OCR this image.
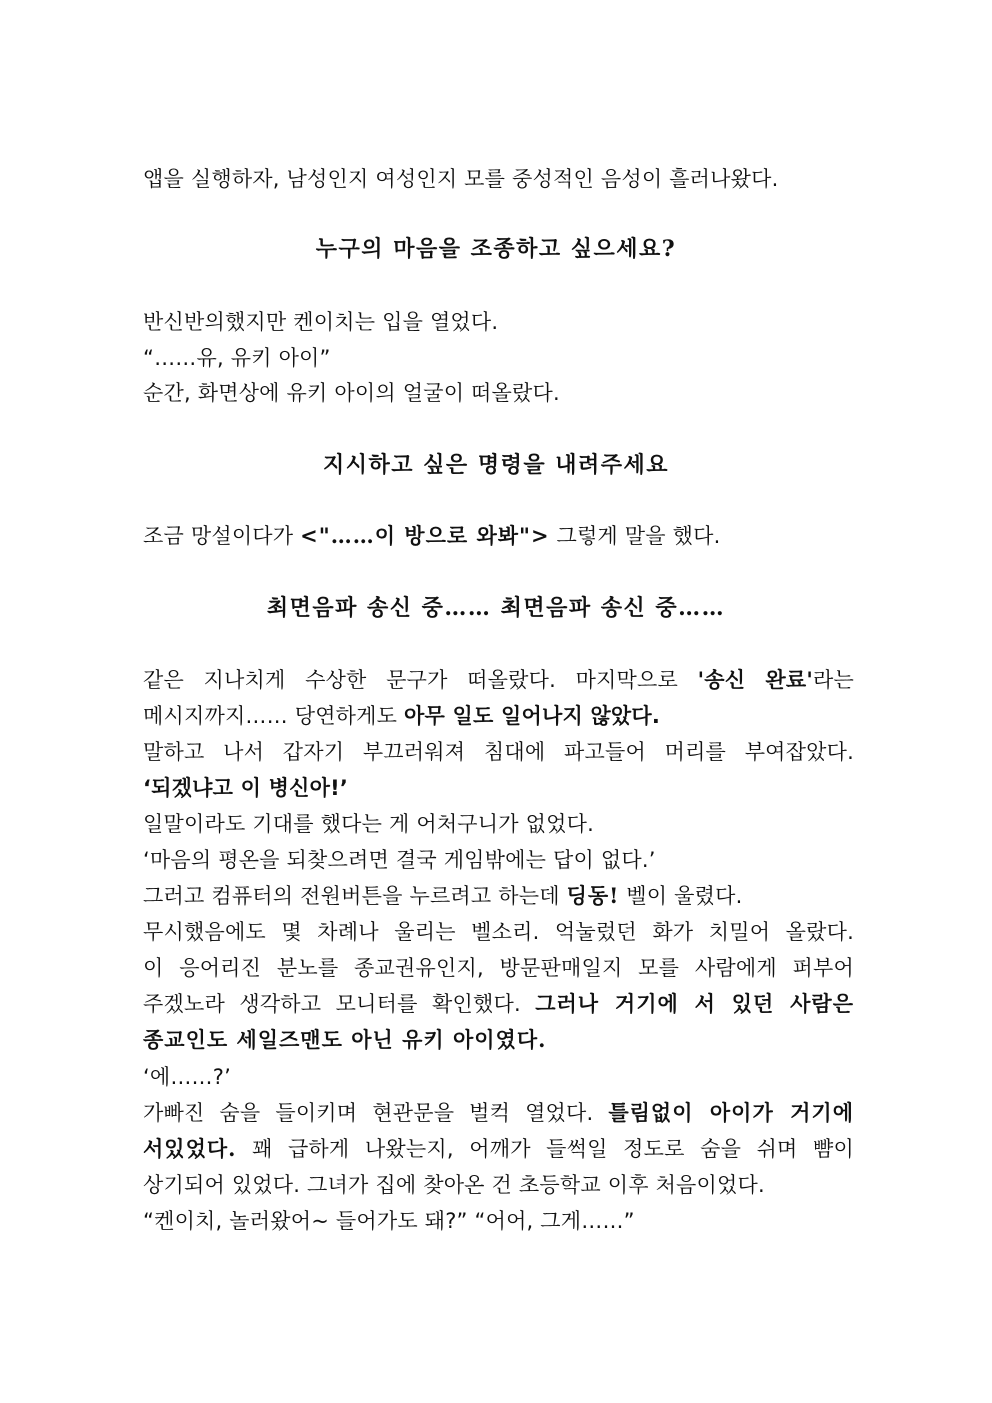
앱을 실행하자, 남성인지 여성인지 모를 중성적인 음성이 흘러나왔다.
누구의 마음을 조종하고 싶으세요?
반신반의했지만 켄이치는 입을 열었다.
“……유, 유키 아이”
순간, 화면상에 유키 아이의 얼굴이 떠올랐다.
지시하고 싶은 명령을 내려주세요
조금 망설이다가 <"……이 방으로 와봐"> 그렇게 말을 했다.
최면음파 송신 중…… 최면음파 송신 중……
같은 지나치게 수상한 문구가 떠올랐다. 마지막으로 '송신 완료'라는
메시지까지…… 당연하게도 아무 일도 일어나지 않았다.
말하고 나서 갑자기 부끄러워져 침대에 파고들어 머리를 부여잡았다.
‘되겠냐고 이 병신아!’
일말이라도 기대를 했다는 게 어처구니가 없었다.
‘마음의 평온을 되찾으려면 결국 게임밖에는 답이 없다.’
그러고 컴퓨터의 전원버튼을 누르려고 하는데 딩동! 벨이 울렸다.
무시했음에도 몇 차례나 울리는 벨소리. 억눌렀던 화가 치밀어 올랐다.
이 응어리진 분노를 종교권유인지, 방문판매일지 모를 사람에게 퍼부어
주겠노라 생각하고 모니터를 확인했다. 그러나 거기에 서 있던 사람은
종교인도 세일즈맨도 아닌 유키 아이였다.
‘에……?’
가빠진 숨을 들이키며 현관문을 벌컥 열었다. 틀림없이 아이가 거기에
서있었다. 꽤 급하게 나왔는지, 어깨가 들썩일 정도로 숨을 쉬며 뺨이
상기되어 있었다. 그녀가 집에 찾아온 건 초등학교 이후 처음이었다.
“켄이치, 놀러왔어~ 들어가도 돼?” “어어, 그게……”
